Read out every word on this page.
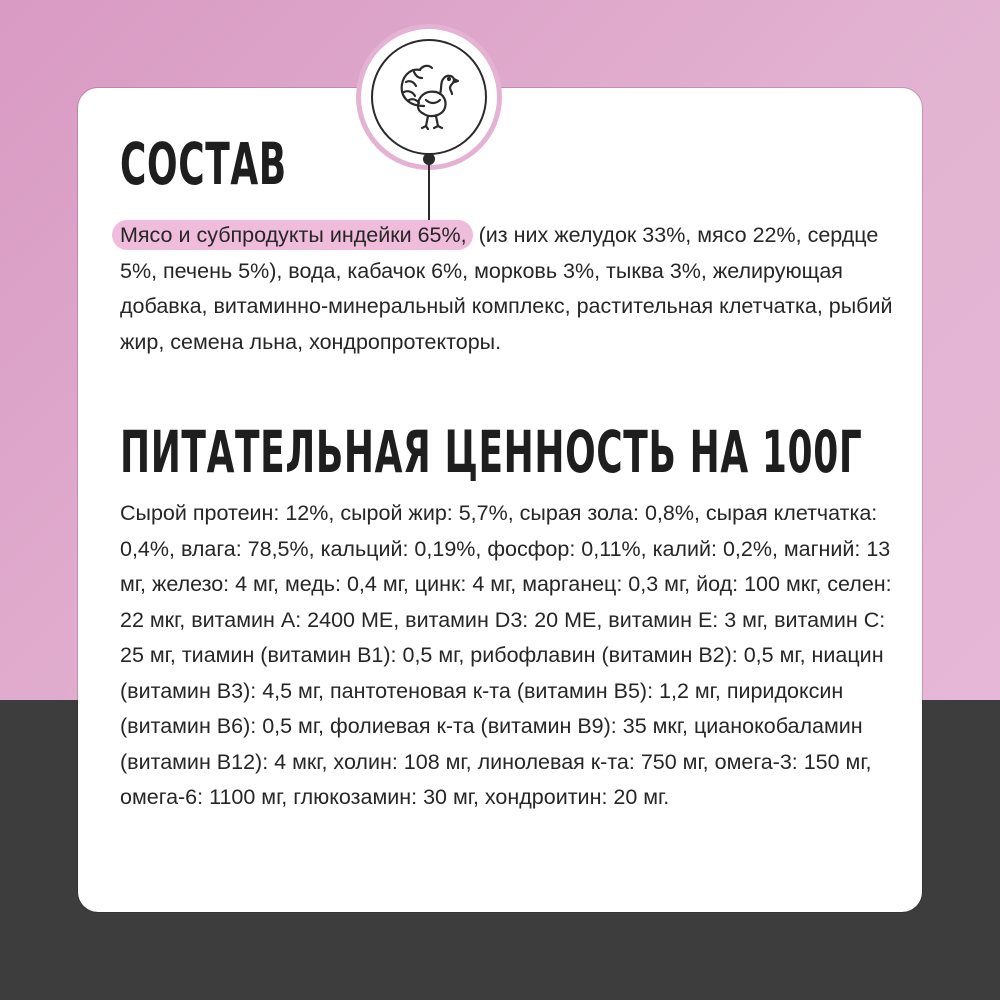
СОСТАВ

Мясо и субпродукты индейки 65%, (из них желудок 33%, мясо 22%, сердце 5%, печень 5%), вода, кабачок 6%, морковь 3%, тыква 3%, желирующая добавка, витаминно-минеральный комплекс, растительная клетчатка, рыбий жир, семена льна, хондропротекторы.

ПИТАТЕЛЬНАЯ ЦЕННОСТЬ НА 100Г

Сырой протеин: 12%, сырой жир: 5,7%, сырая зола: 0,8%, сырая клетчатка: 0,4%, влага: 78,5%, кальций: 0,19%, фосфор: 0,11%, калий: 0,2%, магний: 13 мг, железо: 4 мг, медь: 0,4 мг, цинк: 4 мг, марганец: 0,3 мг, йод: 100 мкг, селен: 22 мкг, витамин А: 2400 МЕ, витамин D3: 20 МЕ, витамин Е: 3 мг, витамин С: 25 мг, тиамин (витамин В1): 0,5 мг, рибофлавин (витамин В2): 0,5 мг, ниацин (витамин В3): 4,5 мг, пантотеновая к-та (витамин В5): 1,2 мг, пиридоксин (витамин В6): 0,5 мг, фолиевая к-та (витамин В9): 35 мкг, цианокобаламин (витамин В12): 4 мкг, холин: 108 мг, линолевая к-та: 750 мг, омега-3: 150 мг, омега-6: 1100 мг, глюкозамин: 30 мг, хондроитин: 20 мг.
